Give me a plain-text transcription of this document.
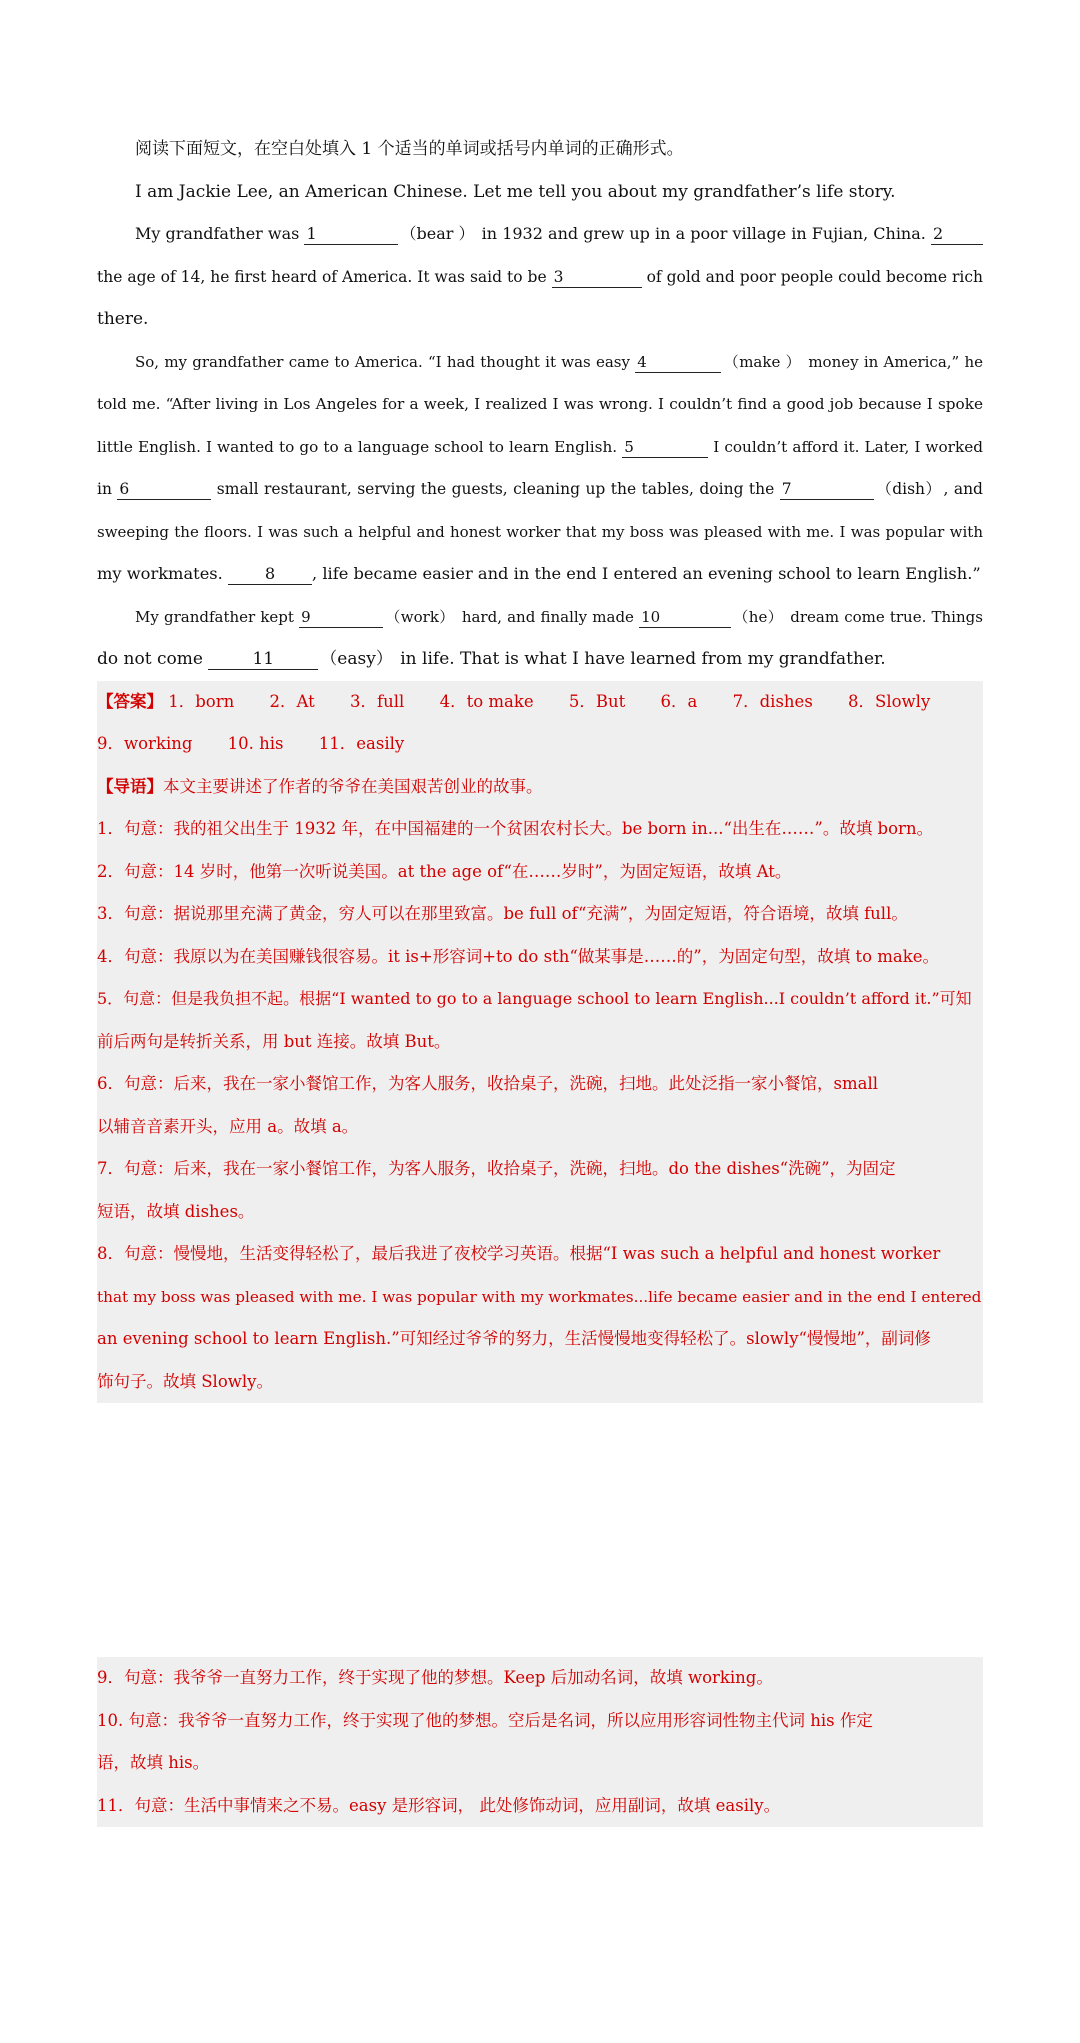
阅读下面短文，在空白处填入 1 个适当的单词或括号内单词的正确形式。
I am Jackie Lee, an American Chinese. Let me tell you about my grandfather’s life story.
My grandfather was 1	（bear ） in 1932 and grew up in a poor village in Fujian, China. 2
the age of 14, he first heard of America. It was said to be 3	of gold and poor people could become rich
there.
So, my grandfather came to America. “I had thought it was easy 4	（make ） money in America,” he
told me. “After living in Los Angeles for a week, I realized I was wrong. I couldn’t find a good job because I spoke
little English. I wanted to go to a language school to learn English. 5	I couldn’t afford it. Later, I worked
in 6	small restaurant, serving the guests, cleaning up the tables, doing the 7	（dish） , and
sweeping the floors. I was such a helpful and honest worker that my boss was pleased with me. I was popular with
my workmates.	8 , life became easier and in the end I entered an evening school to learn English.”
My grandfather kept 9	（work） hard, and finally made 10	（he） dream come true. Things
do not come	11	（easy） in life. That is what I have learned from my grandfather.
【答案】 1．born 2．At 3．full 4．to make 5．But 6．a 7．dishes 8．Slowly
9．working 10. his 11．easily
【导语】本文主要讲述了作者的爷爷在美国艰苦创业的故事。
1．句意：我的祖父出生于 1932 年，在中国福建的一个贫困农村长大。be born in...“出生在……”。故填 born。
2．句意：14 岁时，他第一次听说美国。at the age of“在……岁时”，为固定短语，故填 At。
3．句意：据说那里充满了黄金，穷人可以在那里致富。be full of“充满”，为固定短语，符合语境，故填 full。
4．句意：我原以为在美国赚钱很容易。it is+形容词+to do sth“做某事是……的”，为固定句型，故填 to make。
5．句意：但是我负担不起。根据“I wanted to go to a language school to learn English...I couldn’t afford it.”可知
前后两句是转折关系，用 but 连接。故填 But。
6．句意：后来，我在一家小餐馆工作，为客人服务，收拾桌子，洗碗，扫地。此处泛指一家小餐馆，small
以辅音音素开头，应用 a。故填 a。
7．句意：后来，我在一家小餐馆工作，为客人服务，收拾桌子，洗碗，扫地。do the dishes“洗碗”，为固定
短语，故填 dishes。
8．句意：慢慢地，生活变得轻松了，最后我进了夜校学习英语。根据“I was such a helpful and honest worker
that my boss was pleased with me. I was popular with my workmates...life became easier and in the end I entered
an evening school to learn English.”可知经过爷爷的努力，生活慢慢地变得轻松了。slowly“慢慢地”，副词修
饰句子。故填 Slowly。
9．句意：我爷爷一直努力工作，终于实现了他的梦想。Keep 后加动名词，故填 working。
10. 句意：我爷爷一直努力工作，终于实现了他的梦想。空后是名词，所以应用形容词性物主代词 his 作定
语，故填 his。
11．句意：生活中事情来之不易。easy 是形容词， 此处修饰动词，应用副词，故填 easily。
